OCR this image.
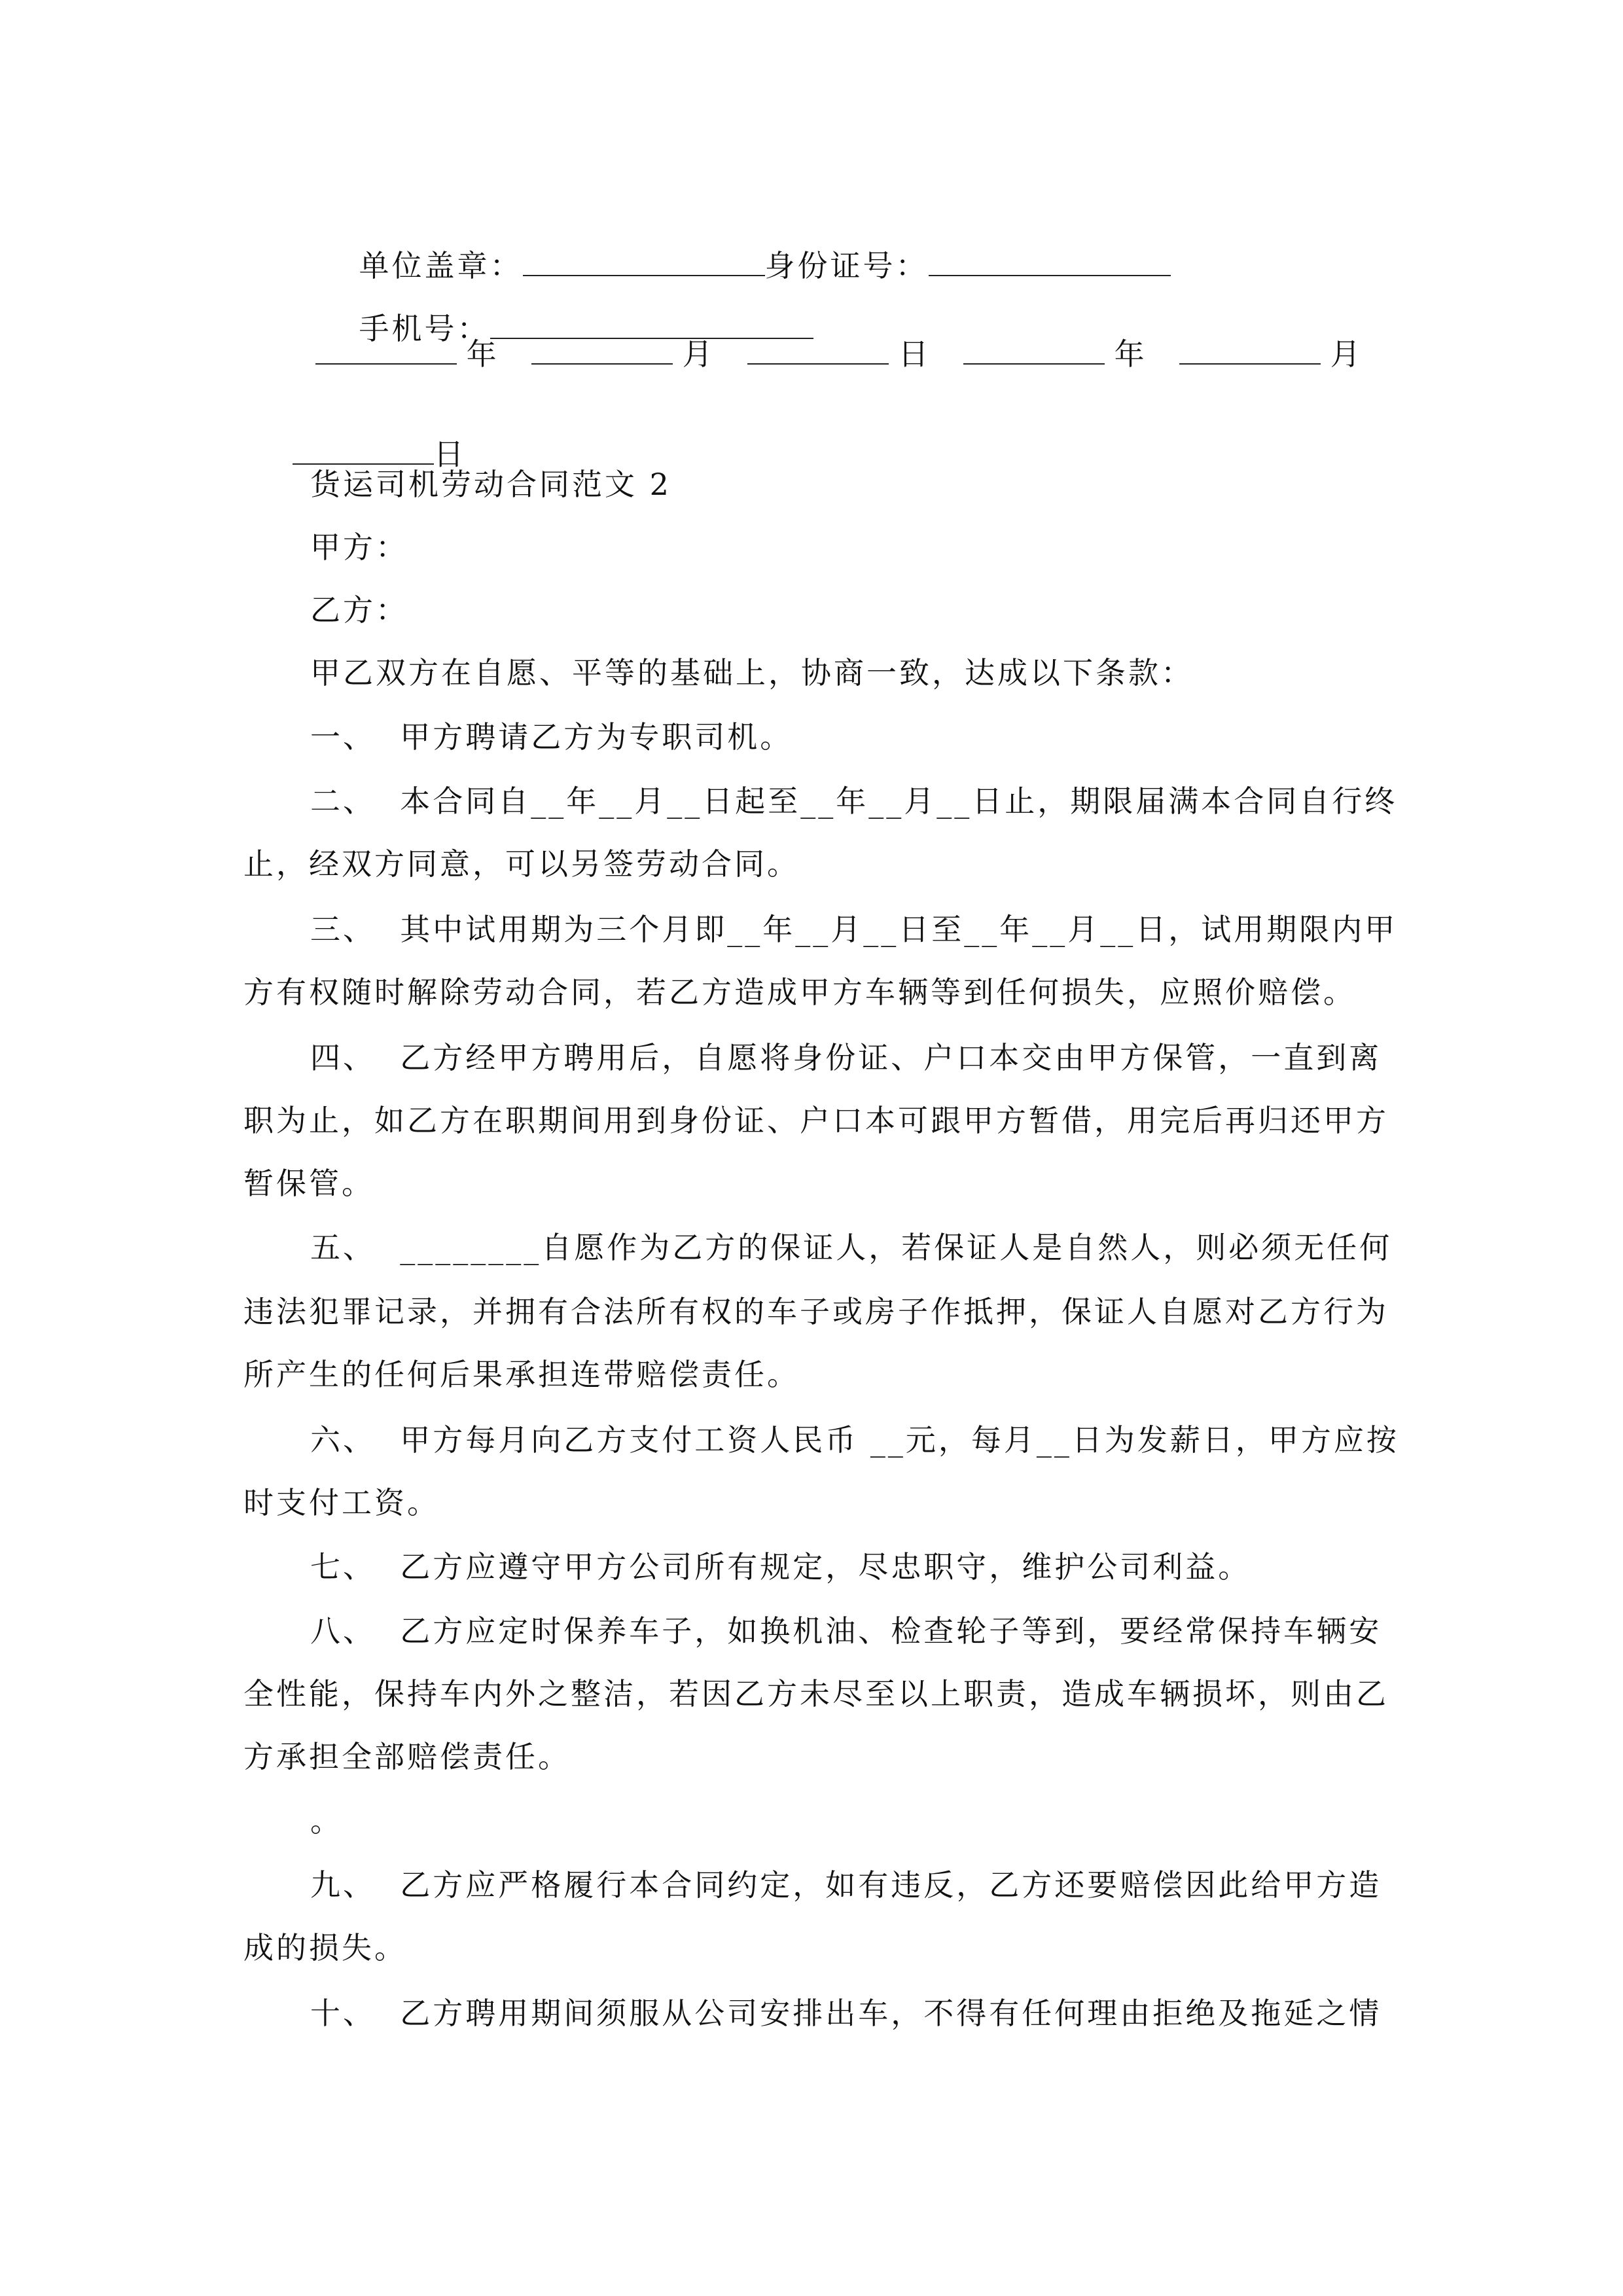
单位盖章：	身份证号：

手机号：

年	月	日	年	月

日

货运司机劳动合同范文 2
甲方：
乙方：
甲乙双方在自愿、平等的基础上，协商一致，达成以下条款：
一、  甲方聘请乙方为专职司机。
二、  本合同自__年__月__日起至__年__月__日止，期限届满本合同自行终
止，经双方同意，可以另签劳动合同。
三、  其中试用期为三个月即__年__月__日至__年__月__日，试用期限内甲
方有权随时解除劳动合同，若乙方造成甲方车辆等到任何损失，应照价赔偿。
四、  乙方经甲方聘用后，自愿将身份证、户口本交由甲方保管，一直到离
职为止，如乙方在职期间用到身份证、户口本可跟甲方暂借，用完后再归还甲方
暂保管。
五、  ________自愿作为乙方的保证人，若保证人是自然人，则必须无任何
违法犯罪记录，并拥有合法所有权的车子或房子作抵押，保证人自愿对乙方行为
所产生的任何后果承担连带赔偿责任。
六、  甲方每月向乙方支付工资人民币 __元，每月__日为发薪日，甲方应按
时支付工资。
七、  乙方应遵守甲方公司所有规定，尽忠职守，维护公司利益。
八、  乙方应定时保养车子，如换机油、检查轮子等到，要经常保持车辆安
全性能，保持车内外之整洁，若因乙方未尽至以上职责，造成车辆损坏，则由乙
方承担全部赔偿责任。
。
九、  乙方应严格履行本合同约定，如有违反，乙方还要赔偿因此给甲方造
成的损失。
十、  乙方聘用期间须服从公司安排出车，不得有任何理由拒绝及拖延之情
